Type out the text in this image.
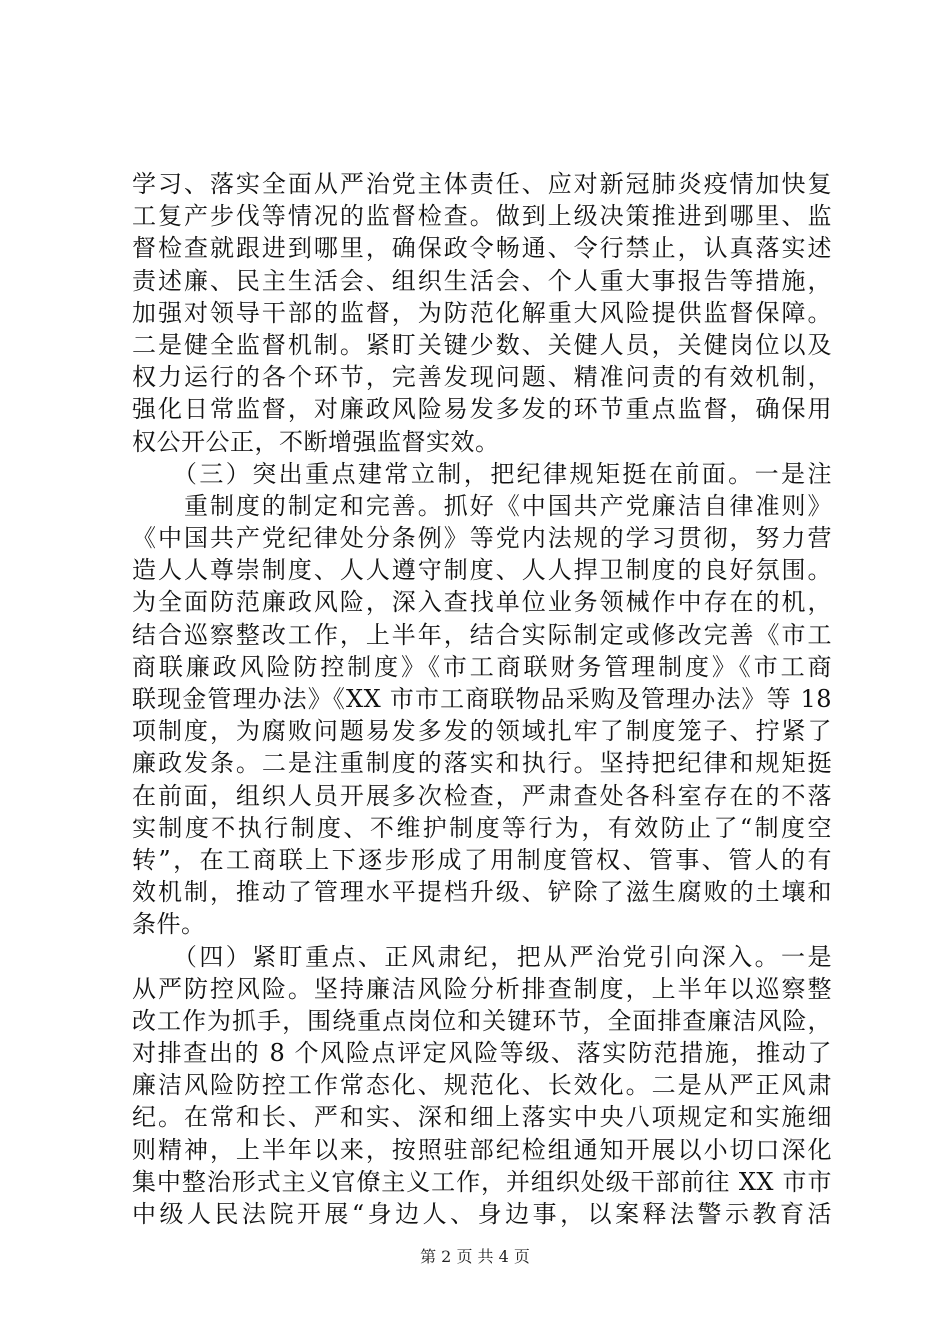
学习、落实全面从严治党主体责任、应对新冠肺炎疫情加快复
工复产步伐等情况的监督检查。做到上级决策推进到哪里、监
督检查就跟进到哪里，确保政令畅通、令行禁止，认真落实述
责述廉、民主生活会、组织生活会、个人重大事报告等措施，
加强对领导干部的监督，为防范化解重大风险提供监督保障。
二是健全监督机制。紧盯关键少数、关健人员，关健岗位以及
权力运行的各个环节，完善发现问题、精准问责的有效机制，
强化日常监督，对廉政风险易发多发的环节重点监督，确保用
权公开公正，不断增强监督实效。
　　（三）突出重点建常立制，把纪律规矩挺在前面。一是注
　　重制度的制定和完善。抓好《中国共产党廉洁自律准则》
《中国共产党纪律处分条例》等党内法规的学习贯彻，努力营
造人人尊崇制度、人人遵守制度、人人捍卫制度的良好氛围。
为全面防范廉政风险，深入查找单位业务领械作中存在的机，
结合巡察整改工作，上半年，结合实际制定或修改完善《市工
商联廉政风险防控制度》《市工商联财务管理制度》《市工商
联现金管理办法》《XX 市市工商联物品采购及管理办法》等 18
项制度，为腐败问题易发多发的领域扎牢了制度笼子、拧紧了
廉政发条。二是注重制度的落实和执行。坚持把纪律和规矩挺
在前面，组织人员开展多次检查，严肃查处各科室存在的不落
实制度不执行制度、不维护制度等行为，有效防止了“制度空
转”，在工商联上下逐步形成了用制度管权、管事、管人的有
效机制，推动了管理水平提档升级、铲除了滋生腐败的土壤和
条件。
　　（四）紧盯重点、正风肃纪，把从严治党引向深入。一是
从严防控风险。坚持廉洁风险分析排查制度，上半年以巡察整
改工作为抓手，围绕重点岗位和关键环节，全面排查廉洁风险，
对排查出的 8 个风险点评定风险等级、落实防范措施，推动了
廉洁风险防控工作常态化、规范化、长效化。二是从严正风肃
纪。在常和长、严和实、深和细上落实中央八项规定和实施细
则精神，上半年以来，按照驻部纪检组通知开展以小切口深化
集中整治形式主义官僚主义工作，并组织处级干部前往 XX 市市
中级人民法院开展“身边人、身边事，以案释法警示教育活
第 2 页 共 4 页
